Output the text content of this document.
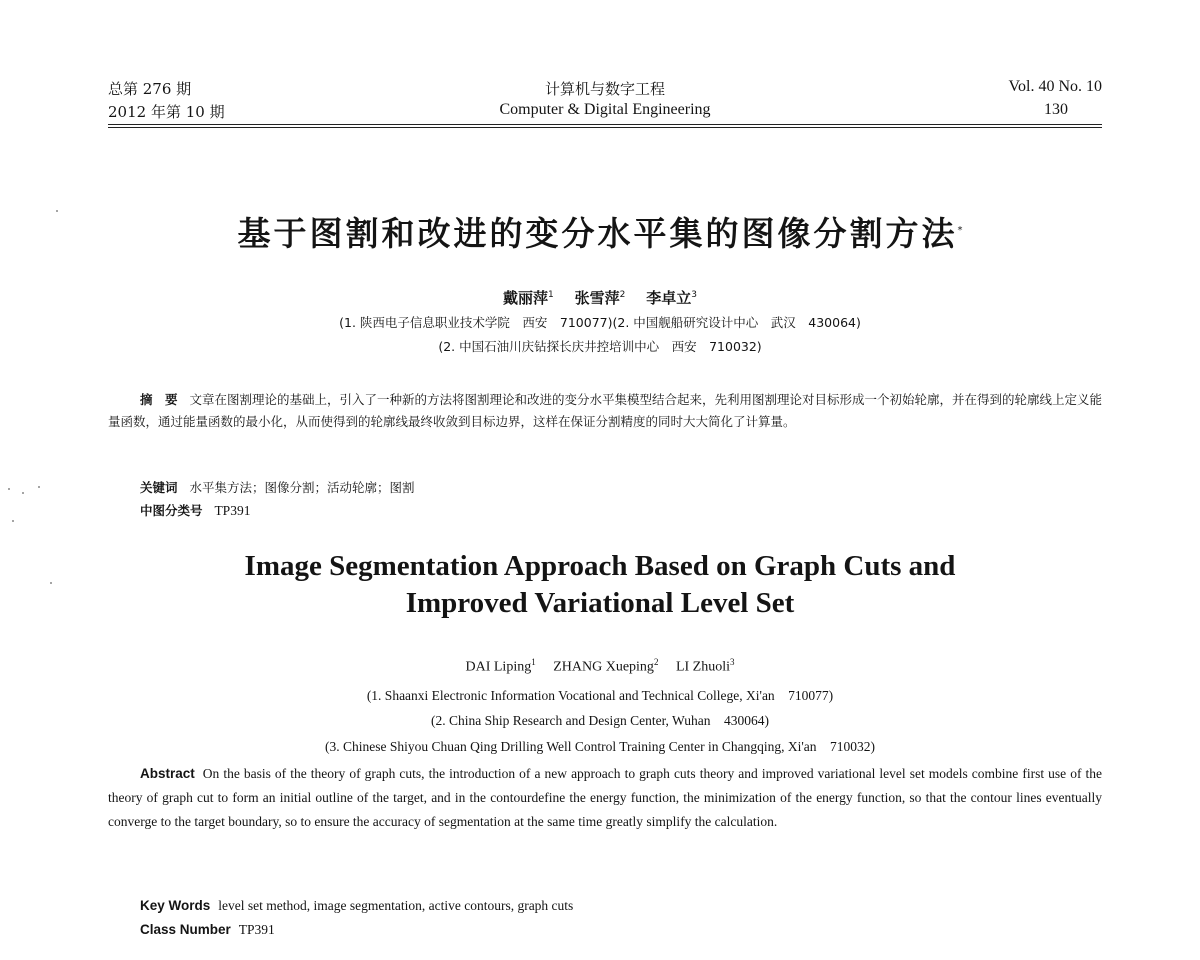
总第 276 期
2012 年第 10 期
计算机与数字工程
Computer & Digital Engineering
Vol. 40 No. 10
130
基于图割和改进的变分水平集的图像分割方法*
戴丽萍$^1$ 张雪萍$^2$ 李卓立$^3$
(1. 陕西电子信息职业技术学院　西安　710077)(2. 中国舰船研究设计中心　武汉　430064)
(2. 中国石油川庆钻探长庆井控培训中心　西安　710032)
摘　要 文章在图割理论的基础上，引入了一种新的方法将图割理论和改进的变分水平集模型结合起来，先利用图割理论对目标形成一个初始轮廓，并在得到的轮廓线上定义能量函数，通过能量函数的最小化，从而使得到的轮廓线最终收敛到目标边界，这样在保证分割精度的同时大大简化了计算量。
关键词 水平集方法；图像分割；活动轮廓；图割
中图分类号 TP391
Image Segmentation Approach Based on Graph Cuts and
Improved Variational Level Set
DAI Liping$^1$ ZHANG Xueping$^2$ LI Zhuoli$^3$
(1. Shaanxi Electronic Information Vocational and Technical College, Xi'an　710077)
(2. China Ship Research and Design Center, Wuhan　430064)
(3. Chinese Shiyou Chuan Qing Drilling Well Control Training Center in Changqing, Xi'an　710032)
Abstract On the basis of the theory of graph cuts, the introduction of a new approach to graph cuts theory and improved variational level set models combine first use of the theory of graph cut to form an initial outline of the target, and in the contourdefine the energy function, the minimization of the energy function, so that the contour lines eventually converge to the target boundary, so to ensure the accuracy of segmentation at the same time greatly simplify the calculation.
Key Words level set method, image segmentation, active contours, graph cuts
Class Number TP391
